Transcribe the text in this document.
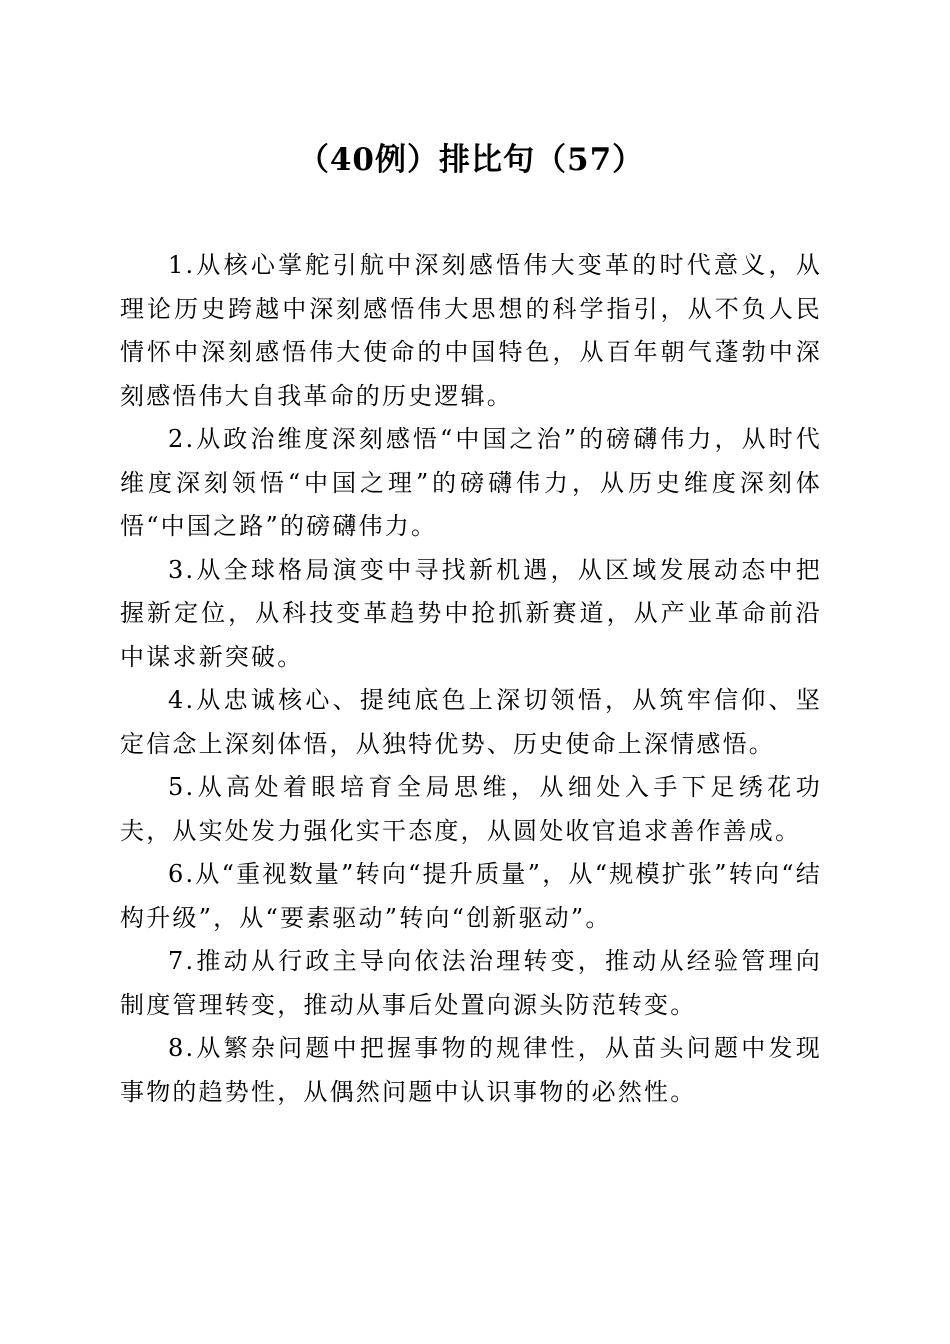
（40例）排比句（57）

1.从核心掌舵引航中深刻感悟伟大变革的时代意义，从理论历史跨越中深刻感悟伟大思想的科学指引，从不负人民情怀中深刻感悟伟大使命的中国特色，从百年朝气蓬勃中深刻感悟伟大自我革命的历史逻辑。

2.从政治维度深刻感悟“中国之治”的磅礴伟力，从时代维度深刻领悟“中国之理”的磅礴伟力，从历史维度深刻体悟“中国之路”的磅礴伟力。

3.从全球格局演变中寻找新机遇，从区域发展动态中把握新定位，从科技变革趋势中抢抓新赛道，从产业革命前沿中谋求新突破。

4.从忠诚核心、提纯底色上深切领悟，从筑牢信仰、坚定信念上深刻体悟，从独特优势、历史使命上深情感悟。

5.从高处着眼培育全局思维，从细处入手下足绣花功夫，从实处发力强化实干态度，从圆处收官追求善作善成。

6.从“重视数量”转向“提升质量”，从“规模扩张”转向“结构升级”，从“要素驱动”转向“创新驱动”。

7.推动从行政主导向依法治理转变，推动从经验管理向制度管理转变，推动从事后处置向源头防范转变。

8.从繁杂问题中把握事物的规律性，从苗头问题中发现事物的趋势性，从偶然问题中认识事物的必然性。
